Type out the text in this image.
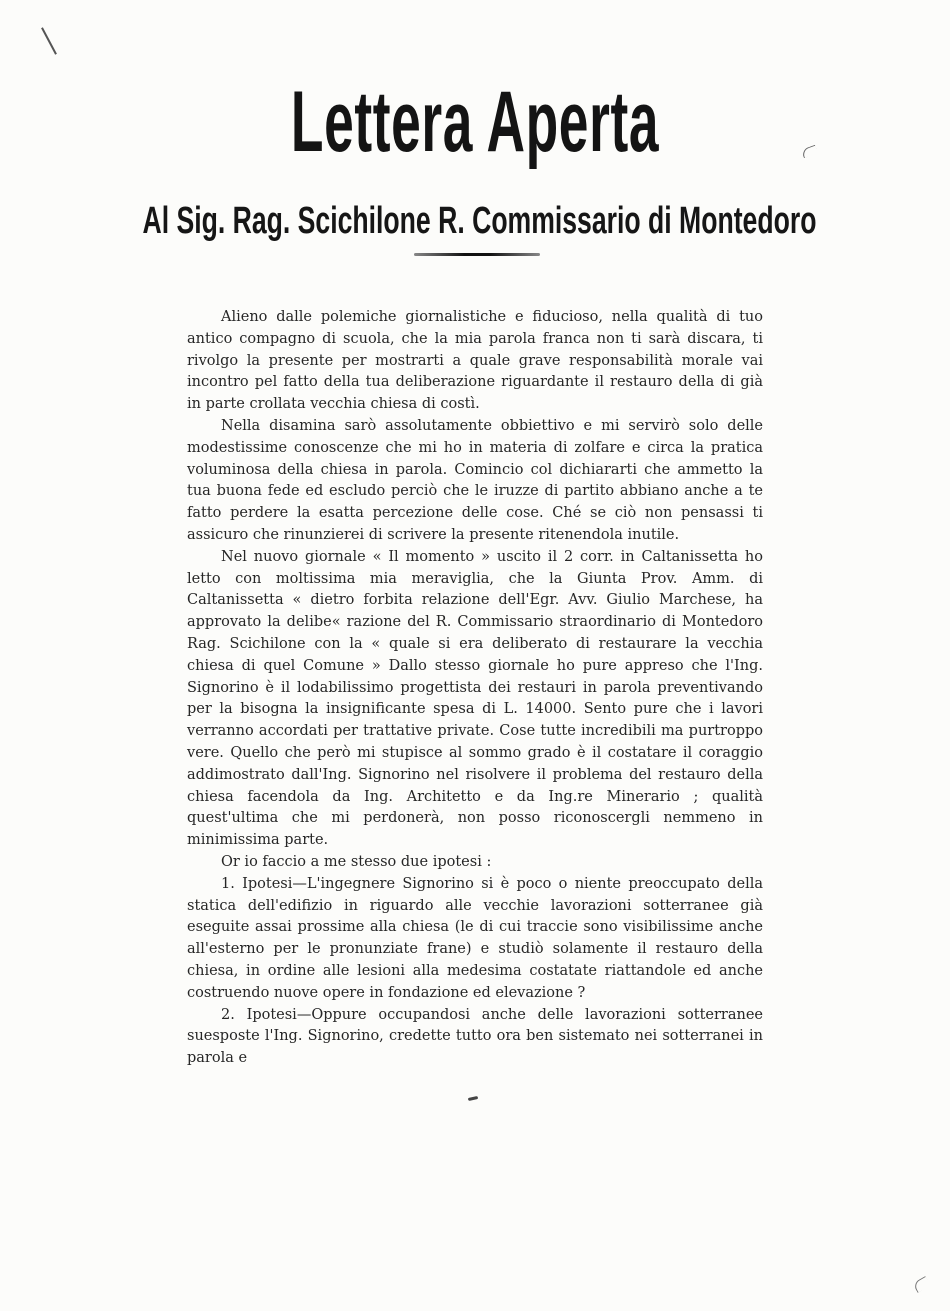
Lettera Aperta
Al Sig. Rag. Scichilone R. Commissario di Montedoro

Alieno dalle polemiche giornalistiche e fiducioso, nella qualità di tuo antico compagno di scuola, che la mia parola franca non ti sarà discara, ti rivolgo la presente per mostrarti a quale grave responsabilità morale vai incontro pel fatto della tua deliberazione riguardante il restauro della di già in parte crollata vecchia chiesa di costì.

Nella disamina sarò assolutamente obbiettivo e mi servirò solo delle modestissime conoscenze che mi ho in materia di zolfare e circa la pratica voluminosa della chiesa in parola. Comincio col dichiararti che ammetto la tua buona fede ed escludo perciò che le iruzze di partito abbiano anche a te fatto perdere la esatta percezione delle cose. Ché se ciò non pensassi ti assicuro che rinunzierei di scrivere la presente ritenendola inutile.

Nel nuovo giornale « Il momento » uscito il 2 corr. in Caltanissetta ho letto con moltissima mia meraviglia, che la Giunta Prov. Amm. di Caltanissetta « dietro forbita relazione dell'Egr. Avv. Giulio Marchese, ha approvato la delibe« razione del R. Commissario straordinario di Montedoro Rag. Scichilone con la « quale si era deliberato di restaurare la vecchia chiesa di quel Comune » Dallo stesso giornale ho pure appreso che l'Ing. Signorino è il lodabilissimo progettista dei restauri in parola preventivando per la bisogna la insignificante spesa di L. 14000. Sento pure che i lavori verranno accordati per trattative private. Cose tutte incredibili ma purtroppo vere. Quello che però mi stupisce al sommo grado è il costatare il coraggio addimostrato dall'Ing. Signorino nel risolvere il problema del restauro della chiesa facendola da Ing. Architetto e da Ing.re Minerario ; qualità quest'ultima che mi perdonerà, non posso riconoscergli nemmeno in minimissima parte.

Or io faccio a me stesso due ipotesi :

1. Ipotesi—L'ingegnere Signorino si è poco o niente preoccupato della statica dell'edifizio in riguardo alle vecchie lavorazioni sotterranee già eseguite assai prossime alla chiesa (le di cui traccie sono visibilissime anche all'esterno per le pronunziate frane) e studiò solamente il restauro della chiesa, in ordine alle lesioni alla medesima costatate riattandole ed anche costruendo nuove opere in fondazione ed elevazione ?

2. Ipotesi—Oppure occupandosi anche delle lavorazioni sotterranee suesposte l'Ing. Signorino, credette tutto ora ben sistemato nei sotterranei in parola e
